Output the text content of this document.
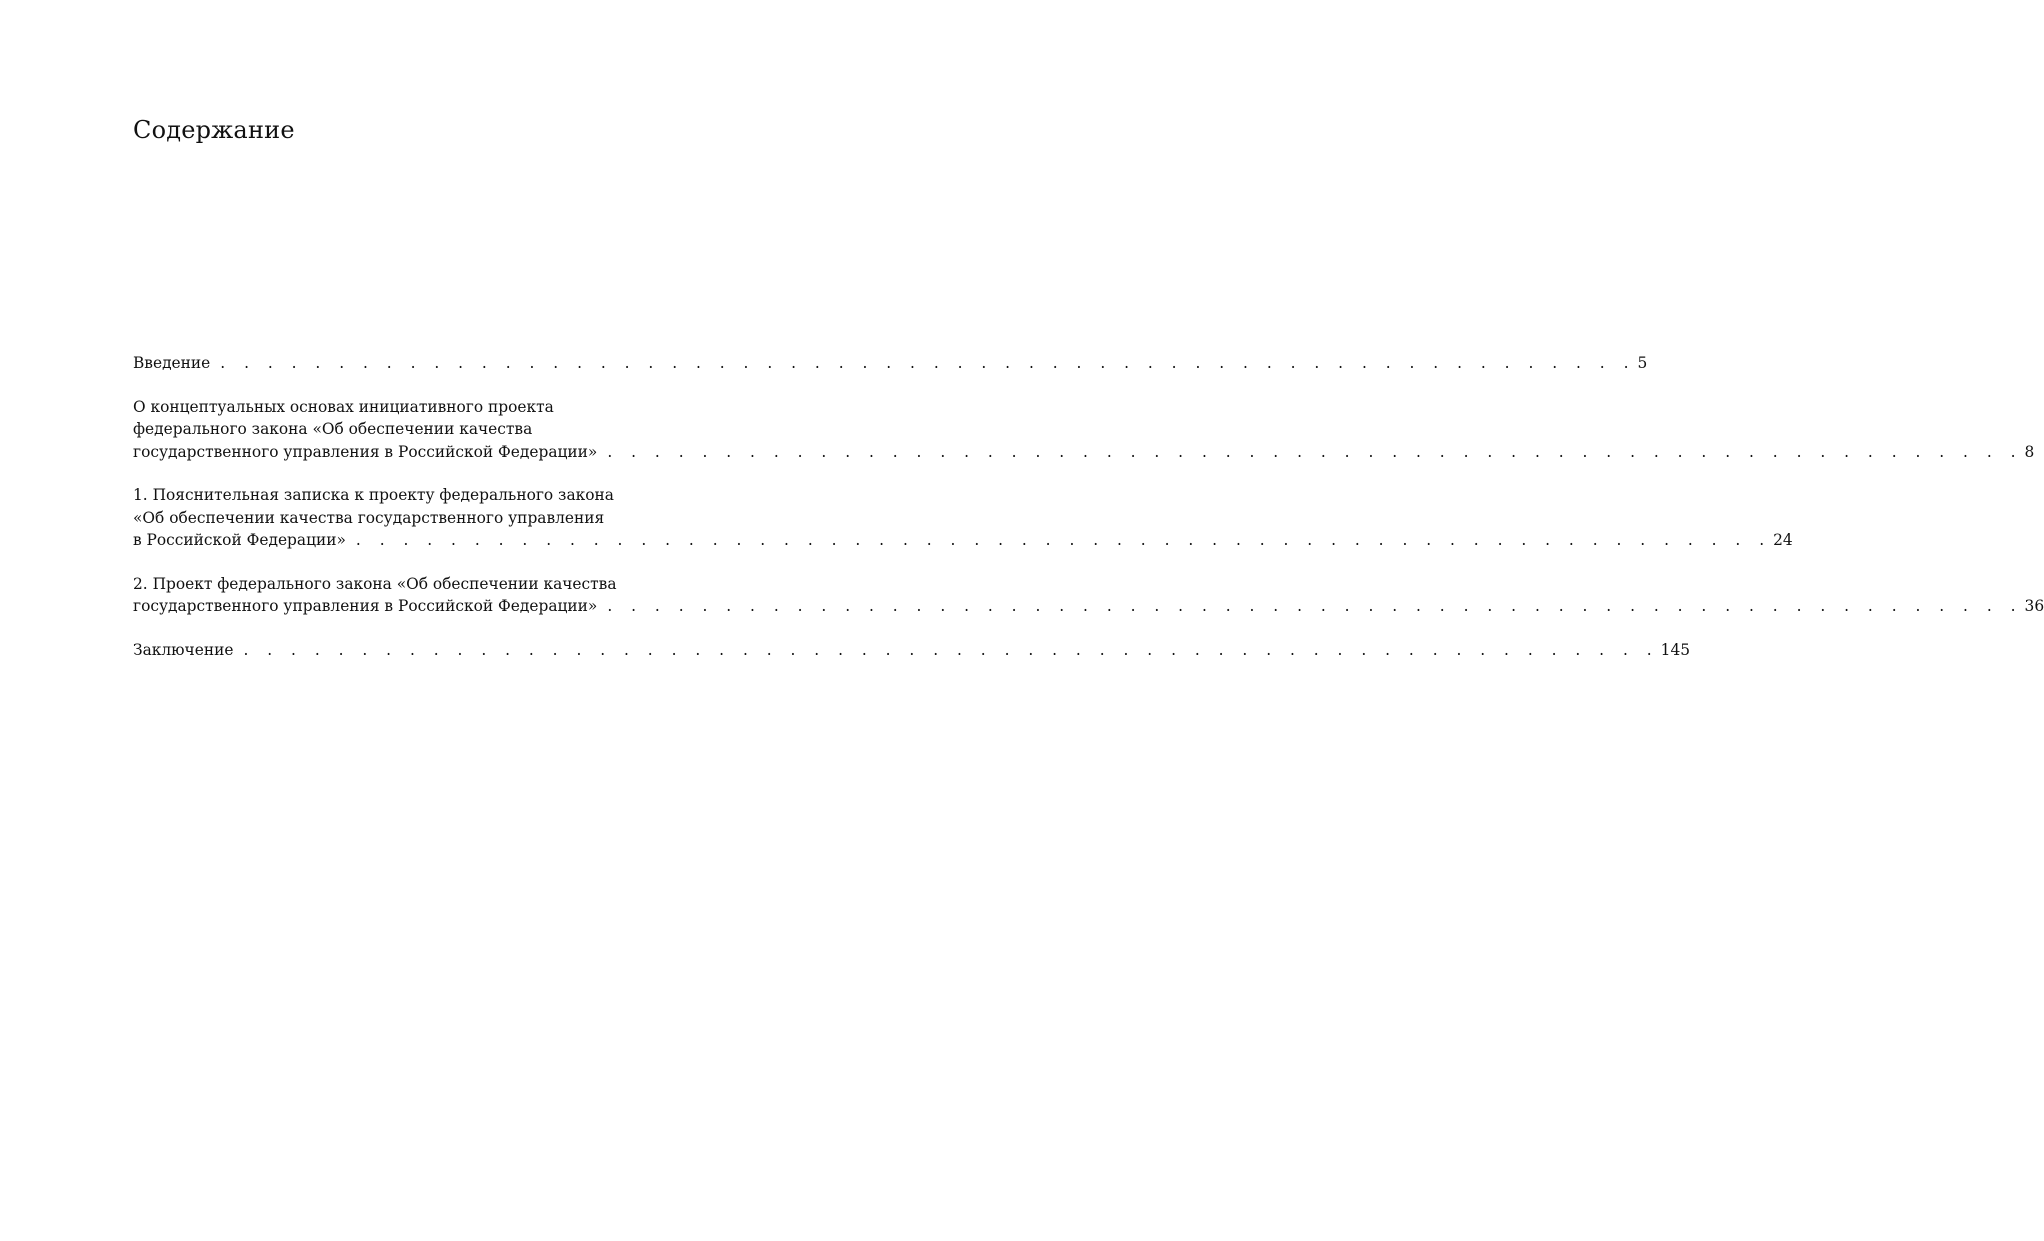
Содержание
Введение . . . . . . . . . . . . . . . . . . . . . . . . . . . . . . . . . . . . . . . . . . . . . . . . . . . . . . . . . . . . 5
О концептуальных основах инициативного проекта
федерального закона «Об обеспечении качества
государственного управления в Российской Федерации» . . . . . . . . . . . . . . . . . . . . . . . . . . . . . . . . . . . . . . . . . . . . . . . . . . . . . . . . . . . . 8
1. Пояснительная записка к проекту федерального закона
«Об обеспечении качества государственного управления
в Российской Федерации» . . . . . . . . . . . . . . . . . . . . . . . . . . . . . . . . . . . . . . . . . . . . . . . . . . . . . . . . . . . . 24
2. Проект федерального закона «Об обеспечении качества
государственного управления в Российской Федерации» . . . . . . . . . . . . . . . . . . . . . . . . . . . . . . . . . . . . . . . . . . . . . . . . . . . . . . . . . . . . 36
Заключение . . . . . . . . . . . . . . . . . . . . . . . . . . . . . . . . . . . . . . . . . . . . . . . . . . . . . . . . . . . . 145
